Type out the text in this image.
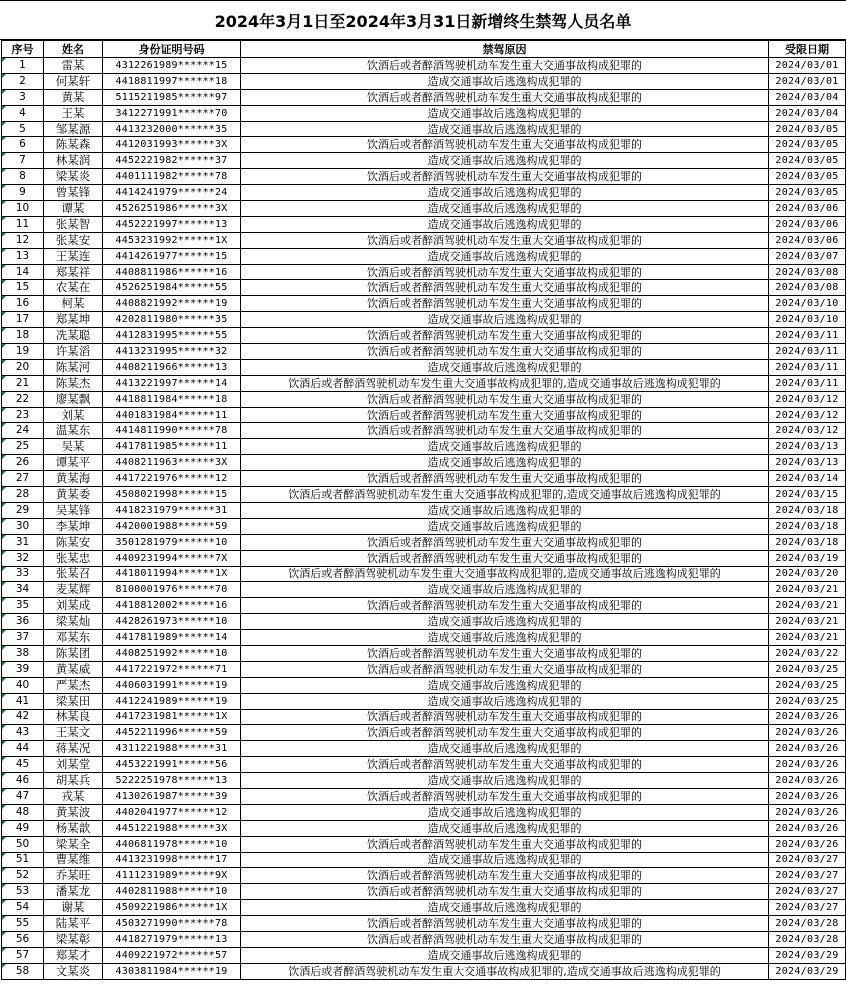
2024年3月1日至2024年3月31日新增终生禁驾人员名单
序号	姓名	身份证明号码	禁驾原因	受限日期

1	雷某	4312261989******15	饮酒后或者醉酒驾驶机动车发生重大交通事故构成犯罪的	2024/03/01

2	何某轩	4418811997******18	造成交通事故后逃逸构成犯罪的	2024/03/01

3	黄某	5115211985******97	饮酒后或者醉酒驾驶机动车发生重大交通事故构成犯罪的	2024/03/04

4	王某	3412271991******70	造成交通事故后逃逸构成犯罪的	2024/03/04

5	邹某源	4413232000******35	造成交通事故后逃逸构成犯罪的	2024/03/05

6	陈某森	4412031993******3X	饮酒后或者醉酒驾驶机动车发生重大交通事故构成犯罪的	2024/03/05

7	林某润	4452221982******37	造成交通事故后逃逸构成犯罪的	2024/03/05

8	梁某炎	4401111982******78	饮酒后或者醉酒驾驶机动车发生重大交通事故构成犯罪的	2024/03/05

9	曾某锋	4414241979******24	造成交通事故后逃逸构成犯罪的	2024/03/05

10	谭某	4526251986******3X	造成交通事故后逃逸构成犯罪的	2024/03/06

11	张某智	4452221997******13	造成交通事故后逃逸构成犯罪的	2024/03/06

12	张某安	4453231992******1X	饮酒后或者醉酒驾驶机动车发生重大交通事故构成犯罪的	2024/03/06

13	王某连	4414261977******15	造成交通事故后逃逸构成犯罪的	2024/03/07

14	郑某祥	4408811986******16	饮酒后或者醉酒驾驶机动车发生重大交通事故构成犯罪的	2024/03/08

15	农某在	4526251984******55	饮酒后或者醉酒驾驶机动车发生重大交通事故构成犯罪的	2024/03/08

16	柯某	4408821992******19	饮酒后或者醉酒驾驶机动车发生重大交通事故构成犯罪的	2024/03/10

17	郑某坤	4202811980******35	造成交通事故后逃逸构成犯罪的	2024/03/10

18	冼某聪	4412831995******55	饮酒后或者醉酒驾驶机动车发生重大交通事故构成犯罪的	2024/03/11

19	许某滔	4413231995******32	饮酒后或者醉酒驾驶机动车发生重大交通事故构成犯罪的	2024/03/11

20	陈某河	4408211966******13	造成交通事故后逃逸构成犯罪的	2024/03/11

21	陈某杰	4413221997******14	饮酒后或者醉酒驾驶机动车发生重大交通事故构成犯罪的,造成交通事故后逃逸构成犯罪的	2024/03/11

22	廖某飘	4418811984******18	饮酒后或者醉酒驾驶机动车发生重大交通事故构成犯罪的	2024/03/12

23	刘某	4401831984******11	饮酒后或者醉酒驾驶机动车发生重大交通事故构成犯罪的	2024/03/12

24	温某东	4414811990******78	饮酒后或者醉酒驾驶机动车发生重大交通事故构成犯罪的	2024/03/12

25	吴某	4417811985******11	造成交通事故后逃逸构成犯罪的	2024/03/13

26	谭某平	4408211963******3X	造成交通事故后逃逸构成犯罪的	2024/03/13

27	黄某海	4417221976******12	饮酒后或者醉酒驾驶机动车发生重大交通事故构成犯罪的	2024/03/14

28	黄某委	4508021998******15	饮酒后或者醉酒驾驶机动车发生重大交通事故构成犯罪的,造成交通事故后逃逸构成犯罪的	2024/03/15

29	吴某锋	4418231979******31	造成交通事故后逃逸构成犯罪的	2024/03/18

30	李某坤	4420001988******59	造成交通事故后逃逸构成犯罪的	2024/03/18

31	陈某安	3501281979******10	饮酒后或者醉酒驾驶机动车发生重大交通事故构成犯罪的	2024/03/18

32	张某忠	4409231994******7X	饮酒后或者醉酒驾驶机动车发生重大交通事故构成犯罪的	2024/03/19

33	张某召	4418011994******1X	饮酒后或者醉酒驾驶机动车发生重大交通事故构成犯罪的,造成交通事故后逃逸构成犯罪的	2024/03/20

34	麦某辉	8100001976******70	造成交通事故后逃逸构成犯罪的	2024/03/21

35	刘某成	4418812002******16	饮酒后或者醉酒驾驶机动车发生重大交通事故构成犯罪的	2024/03/21

36	梁某灿	4428261973******10	造成交通事故后逃逸构成犯罪的	2024/03/21

37	邓某东	4417811989******14	造成交通事故后逃逸构成犯罪的	2024/03/21

38	陈某团	4408251992******10	饮酒后或者醉酒驾驶机动车发生重大交通事故构成犯罪的	2024/03/22

39	黄某威	4417221972******71	饮酒后或者醉酒驾驶机动车发生重大交通事故构成犯罪的	2024/03/25

40	严某杰	4406031991******19	造成交通事故后逃逸构成犯罪的	2024/03/25

41	梁某田	4412241989******19	造成交通事故后逃逸构成犯罪的	2024/03/25

42	林某良	4417231981******1X	饮酒后或者醉酒驾驶机动车发生重大交通事故构成犯罪的	2024/03/26

43	王某文	4452211996******59	饮酒后或者醉酒驾驶机动车发生重大交通事故构成犯罪的	2024/03/26

44	蒋某况	4311221988******31	造成交通事故后逃逸构成犯罪的	2024/03/26

45	刘某堂	4453221991******56	饮酒后或者醉酒驾驶机动车发生重大交通事故构成犯罪的	2024/03/26

46	胡某兵	5222251978******13	造成交通事故后逃逸构成犯罪的	2024/03/26

47	戎某	4130261987******39	饮酒后或者醉酒驾驶机动车发生重大交通事故构成犯罪的	2024/03/26

48	黄某波	4402041977******12	造成交通事故后逃逸构成犯罪的	2024/03/26

49	杨某歆	4451221988******3X	造成交通事故后逃逸构成犯罪的	2024/03/26

50	梁某全	4406811978******10	饮酒后或者醉酒驾驶机动车发生重大交通事故构成犯罪的	2024/03/26

51	曹某维	4413231998******17	造成交通事故后逃逸构成犯罪的	2024/03/27

52	乔某旺	4111231989******9X	饮酒后或者醉酒驾驶机动车发生重大交通事故构成犯罪的	2024/03/27

53	潘某龙	4402811988******10	饮酒后或者醉酒驾驶机动车发生重大交通事故构成犯罪的	2024/03/27

54	谢某	4509221986******1X	造成交通事故后逃逸构成犯罪的	2024/03/27

55	陆某平	4503271990******78	饮酒后或者醉酒驾驶机动车发生重大交通事故构成犯罪的	2024/03/28

56	梁某彰	4418271979******13	饮酒后或者醉酒驾驶机动车发生重大交通事故构成犯罪的	2024/03/28

57	郑某才	4409221972******57	造成交通事故后逃逸构成犯罪的	2024/03/29

58	文某炎	4303811984******19	饮酒后或者醉酒驾驶机动车发生重大交通事故构成犯罪的,造成交通事故后逃逸构成犯罪的	2024/03/29
